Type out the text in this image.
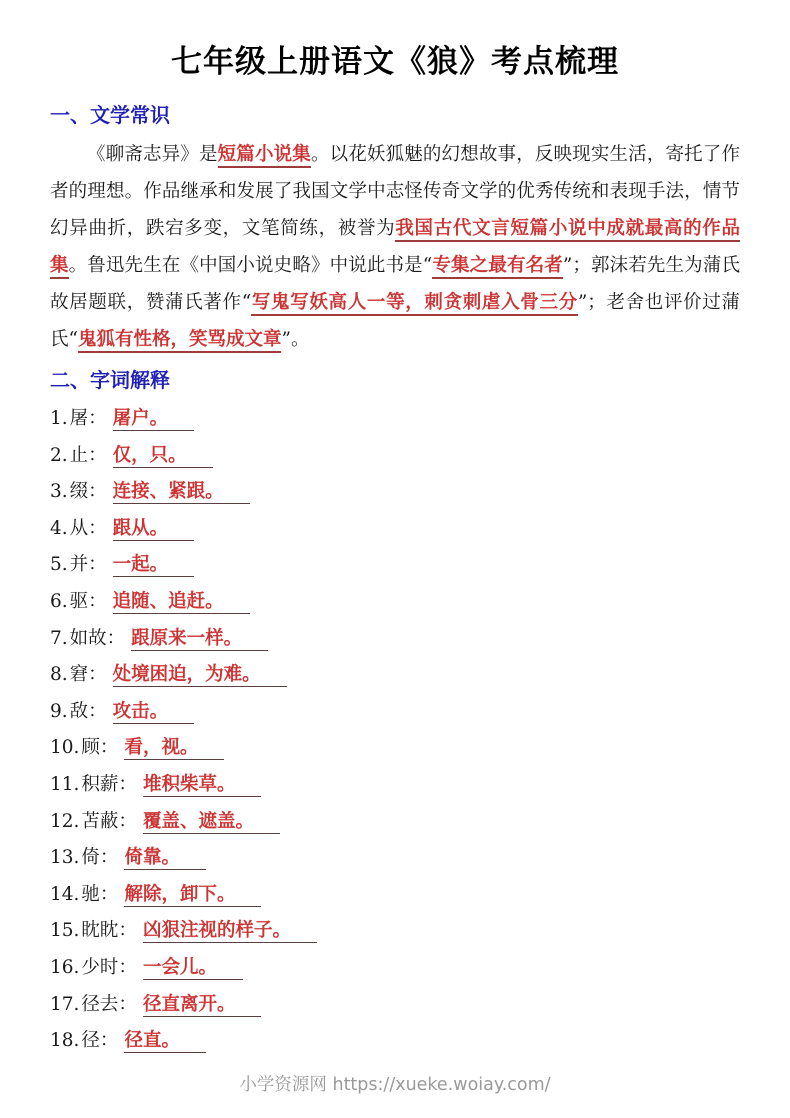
七年级上册语文《狼》考点梳理
一、文学常识

《聊斋志异》是短篇小说集。以花妖狐魅的幻想故事，反映现实生活，寄托了作者的理想。作品继承和发展了我国文学中志怪传奇文学的优秀传统和表现手法，情节幻异曲折，跌宕多变，文笔简练，被誉为我国古代文言短篇小说中成就最高的作品集。鲁迅先生在《中国小说史略》中说此书是“专集之最有名者”；郭沫若先生为蒲氏故居题联，赞蒲氏著作“写鬼写妖高人一等，刺贪刺虐入骨三分”；老舍也评价过蒲氏“鬼狐有性格，笑骂成文章”。

二、字词解释
1. 屠： 屠户。
2. 止： 仅，只。
3. 缀： 连接、紧跟。
4. 从： 跟从。
5. 并： 一起。
6. 驱： 追随、追赶。
7. 如故： 跟原来一样。
8. 窘： 处境困迫，为难。
9. 敌： 攻击。
10. 顾： 看，视。
11. 积薪： 堆积柴草。
12. 苫蔽： 覆盖、遮盖。
13. 倚： 倚靠。
14. 驰： 解除，卸下。
15. 眈眈： 凶狠注视的样子。
16. 少时： 一会儿。
17. 径去： 径直离开。
18. 径： 径直。
小学资源网 https://xueke.woiay.com/
